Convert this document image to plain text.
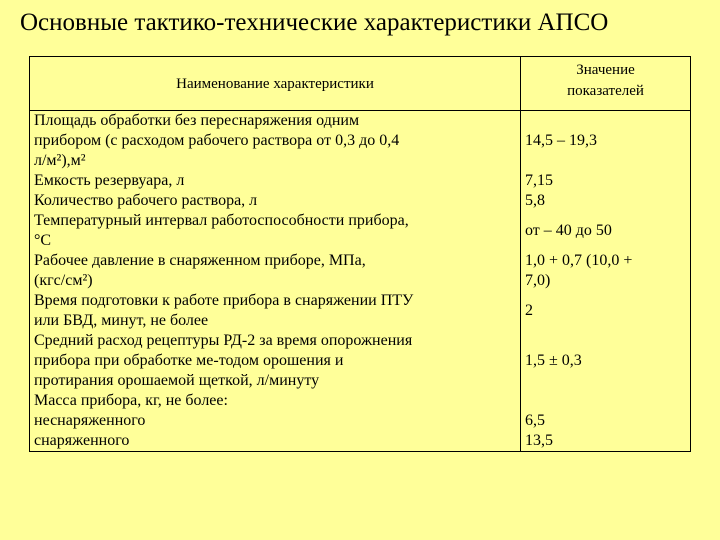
Основные тактико-технические характеристики АПСО
Наименование характеристики	Значение
показателей
Площадь обработки без переснаряжения одним
прибором (с расходом рабочего раствора от 0,3 до 0,4
л/м²),м²	14,5 – 19,3
Емкость резервуара, л	7,15
Количество рабочего раствора, л	5,8
Температурный интервал работоспособности прибора,
°С	от – 40 до 50
Рабочее давление в снаряженном приборе, МПа,
(кгс/см²)	1,0 + 0,7 (10,0 +
7,0)
Время подготовки к работе прибора в снаряжении ПТУ
или БВД, минут, не более	2
Средний расход рецептуры РД-2 за время опорожнения
прибора при обработке ме-тодом орошения и
протирания орошаемой щеткой, л/минуту	1,5 ± 0,3
Масса прибора, кг, не более:	
неснаряженного	6,5
снаряженного	13,5
